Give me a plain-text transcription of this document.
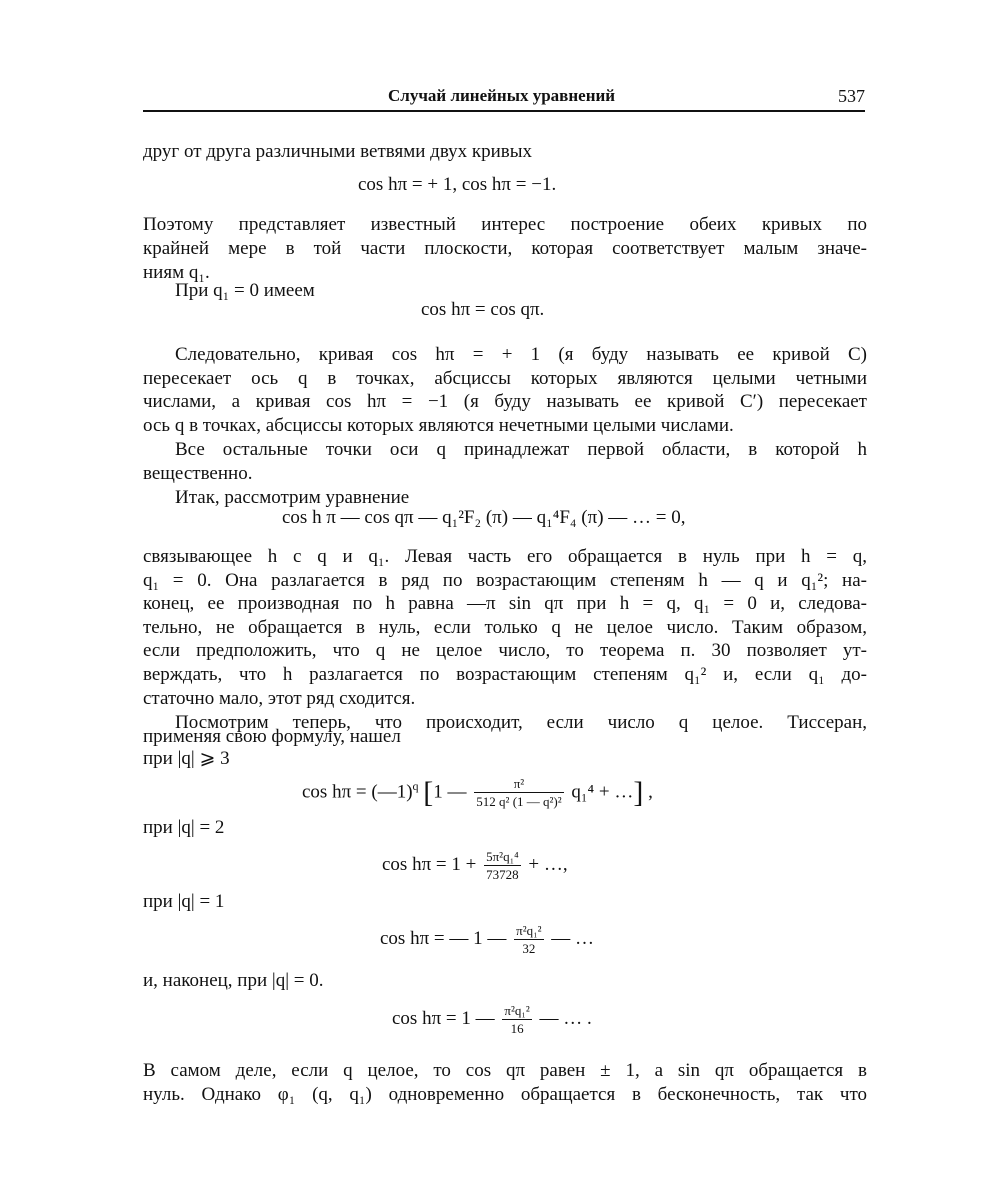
Случай линейных уравнений	537
друг от друга различными ветвями двух кривых
cos hπ = + 1, cos hπ = −1.
Поэтому представляет известный интерес построение обеих кривых по
крайней мере в той части плоскости, которая соответствует малым значе-
ниям q₁.
При q₁ = 0 имеем
cos hπ = cos qπ.
Следовательно, кривая cos hπ = + 1 (я буду называть ее кривой C)
пересекает ось q в точках, абсциссы которых являются целыми четными
числами, а кривая cos hπ = −1 (я буду называть ее кривой C′) пересекает
ось q в точках, абсциссы которых являются нечетными целыми числами.
Все остальные точки оси q принадлежат первой области, в которой h
вещественно.
Итак, рассмотрим уравнение
cos h π — cos qπ — q₁²F₂ (π) — q₁⁴F₄ (π) — … = 0,
связывающее h с q и q₁. Левая часть его обращается в нуль при h = q,
q₁ = 0. Она разлагается в ряд по возрастающим степеням h — q и q₁²; на-
конец, ее производная по h равна —π sin qπ при h = q, q₁ = 0 и, следова-
тельно, не обращается в нуль, если только q не целое число. Таким образом,
если предположить, что q не целое число, то теорема п. 30 позволяет ут-
верждать, что h разлагается по возрастающим степеням q₁² и, если q₁ до-
статочно мало, этот ряд сходится.
Посмотрим теперь, что происходит, если число q целое. Тиссеран,
применяя свою формулу, нашел
при |q| ⩾ 3
cos hπ = (—1)$^q$ [1 — $\frac{\text{π²}}{\text{512 q² (1 — q²)²}} q_1^4$ + …] ,
при |q| = 2
$\cos h\pi = 1 + \frac{\text{5π²q₁⁴}}{73728}$ + …,
при |q| = 1
cos hπ = — 1 — $\frac{\text{π²q₁²}}{32}$ — …
и, наконец, при |q| = 0.
cos hπ = 1 — $\frac{\text{π²q₁²}}{16}$ — … .
В самом деле, если q целое, то cos qπ равен ± 1, а sin qπ обращается в
нуль. Однако φ₁ (q, q₁) одновременно обращается в бесконечность, так что
